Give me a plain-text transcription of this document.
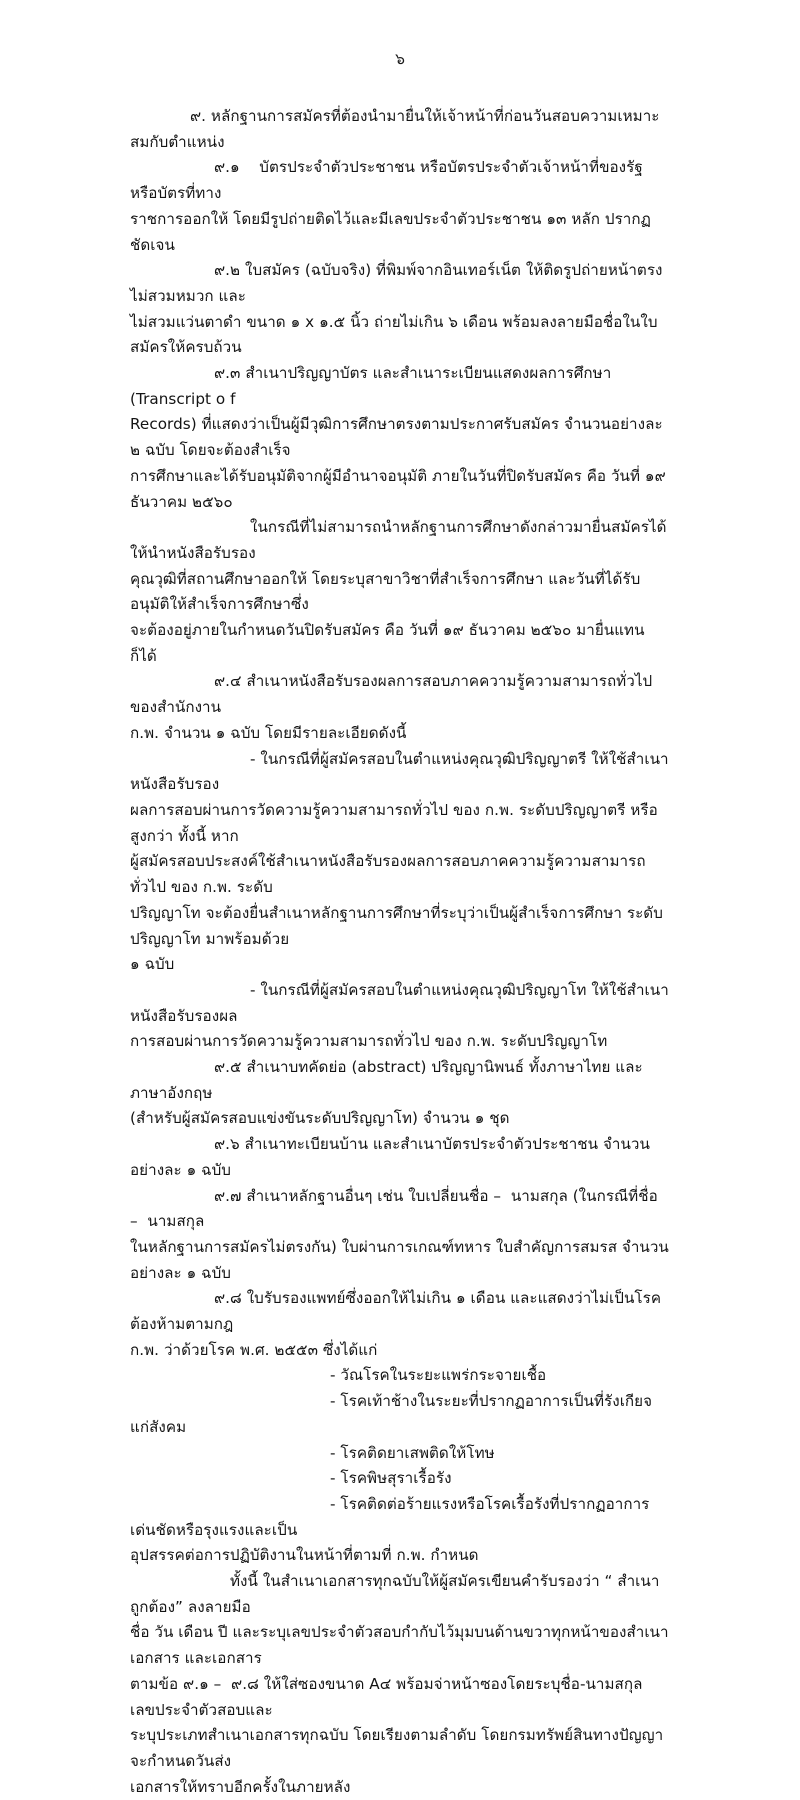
๖

๙. หลักฐานการสมัครที่ต้องนำมายื่นให้เจ้าหน้าที่ก่อนวันสอบความเหมาะสมกับตำแหน่ง

๙.๑    บัตรประจำตัวประชาชน หรือบัตรประจำตัวเจ้าหน้าที่ของรัฐ หรือบัตรที่ทาง

ราชการออกให้ โดยมีรูปถ่ายติดไว้และมีเลขประจำตัวประชาชน ๑๓ หลัก ปรากฏชัดเจน

๙.๒ ใบสมัคร (ฉบับจริง) ที่พิมพ์จากอินเทอร์เน็ต ให้ติดรูปถ่ายหน้าตรง ไม่สวมหมวก และ

ไม่สวมแว่นตาดำ ขนาด ๑ x ๑.๕ นิ้ว ถ่ายไม่เกิน ๖ เดือน พร้อมลงลายมือชื่อในใบสมัครให้ครบถ้วน

๙.๓ สำเนาปริญญาบัตร และสำเนาระเบียนแสดงผลการศึกษา (Transcript o f

Records) ที่แสดงว่าเป็นผู้มีวุฒิการศึกษาตรงตามประกาศรับสมัคร จำนวนอย่างละ ๒ ฉบับ โดยจะต้องสำเร็จ

การศึกษาและได้รับอนุมัติจากผู้มีอำนาจอนุมัติ ภายในวันที่ปิดรับสมัคร คือ วันที่ ๑๙ ธันวาคม ๒๕๖๐

ในกรณีที่ไม่สามารถนำหลักฐานการศึกษาดังกล่าวมายื่นสมัครได้ ให้นำหนังสือรับรอง

คุณวุฒิที่สถานศึกษาออกให้ โดยระบุสาขาวิชาที่สำเร็จการศึกษา และวันที่ได้รับอนุมัติให้สำเร็จการศึกษาซึ่ง

จะต้องอยู่ภายในกำหนดวันปิดรับสมัคร คือ วันที่ ๑๙ ธันวาคม ๒๕๖๐ มายื่นแทนก็ได้

๙.๔ สำเนาหนังสือรับรองผลการสอบภาคความรู้ความสามารถทั่วไปของสำนักงาน

ก.พ. จำนวน ๑ ฉบับ โดยมีรายละเอียดดังนี้

- ในกรณีที่ผู้สมัครสอบในตำแหน่งคุณวุฒิปริญญาตรี ให้ใช้สำเนาหนังสือรับรอง

ผลการสอบผ่านการวัดความรู้ความสามารถทั่วไป ของ ก.พ. ระดับปริญญาตรี หรือสูงกว่า ทั้งนี้ หาก

ผู้สมัครสอบประสงค์ใช้สำเนาหนังสือรับรองผลการสอบภาคความรู้ความสามารถทั่วไป ของ ก.พ. ระดับ

ปริญญาโท จะต้องยื่นสำเนาหลักฐานการศึกษาที่ระบุว่าเป็นผู้สำเร็จการศึกษา ระดับปริญญาโท มาพร้อมด้วย

๑ ฉบับ

- ในกรณีที่ผู้สมัครสอบในตำแหน่งคุณวุฒิปริญญาโท ให้ใช้สำเนาหนังสือรับรองผล

การสอบผ่านการวัดความรู้ความสามารถทั่วไป ของ ก.พ. ระดับปริญญาโท

๙.๕ สำเนาบทคัดย่อ (abstract) ปริญญานิพนธ์ ทั้งภาษาไทย และภาษาอังกฤษ

(สำหรับผู้สมัครสอบแข่งขันระดับปริญญาโท) จำนวน ๑ ชุด

๙.๖ สำเนาทะเบียนบ้าน และสำเนาบัตรประจำตัวประชาชน จำนวนอย่างละ ๑ ฉบับ

๙.๗ สำเนาหลักฐานอื่นๆ เช่น ใบเปลี่ยนชื่อ –  นามสกุล (ในกรณีที่ชื่อ –  นามสกุล

ในหลักฐานการสมัครไม่ตรงกัน) ใบผ่านการเกณฑ์ทหาร ใบสำคัญการสมรส จำนวนอย่างละ ๑ ฉบับ

๙.๘ ใบรับรองแพทย์ซึ่งออกให้ไม่เกิน ๑ เดือน และแสดงว่าไม่เป็นโรคต้องห้ามตามกฎ

ก.พ. ว่าด้วยโรค พ.ศ. ๒๕๕๓ ซึ่งได้แก่

- วัณโรคในระยะแพร่กระจายเชื้อ

- โรคเท้าช้างในระยะที่ปรากฏอาการเป็นที่รังเกียจแก่สังคม

- โรคติดยาเสพติดให้โทษ

- โรคพิษสุราเรื้อรัง

- โรคติดต่อร้ายแรงหรือโรคเรื้อรังที่ปรากฏอาการเด่นชัดหรือรุงแรงและเป็น

อุปสรรคต่อการปฏิบัติงานในหน้าที่ตามที่ ก.พ. กำหนด

ทั้งนี้ ในสำเนาเอกสารทุกฉบับให้ผู้สมัครเขียนคำรับรองว่า “ สำเนาถูกต้อง” ลงลายมือ

ชื่อ วัน เดือน ปี และระบุเลขประจำตัวสอบกำกับไว้มุมบนด้านขวาทุกหน้าของสำเนาเอกสาร และเอกสาร

ตามข้อ ๙.๑ –  ๙.๘ ให้ใส่ซองขนาด A๔ พร้อมจ่าหน้าซองโดยระบุชื่อ-นามสกุล เลขประจำตัวสอบและ

ระบุประเภทสำเนาเอกสารทุกฉบับ โดยเรียงตามลำดับ โดยกรมทรัพย์สินทางปัญญาจะกำหนดวันส่ง

เอกสารให้ทราบอีกครั้งในภายหลัง
